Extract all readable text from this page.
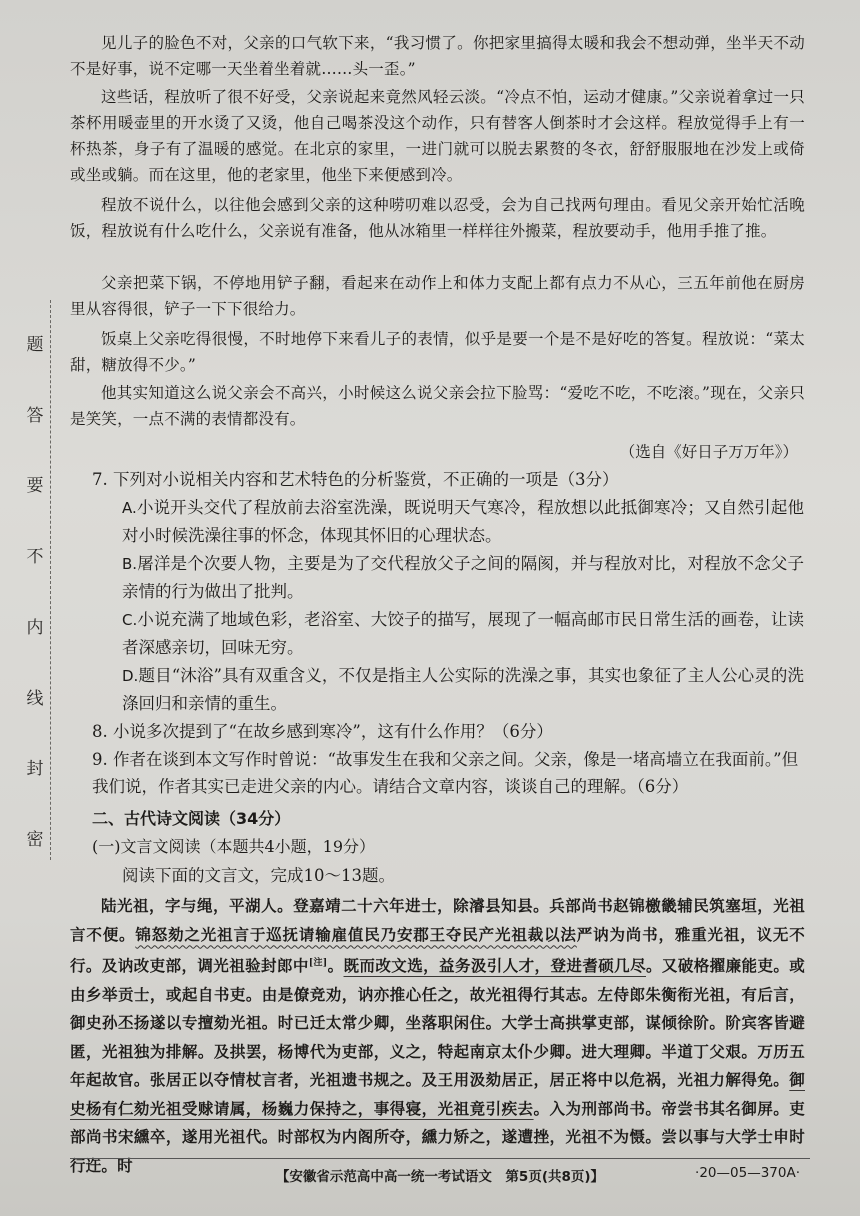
题
答
要
不
内
线
封
密
见儿子的脸色不对，父亲的口气软下来，“我习惯了。你把家里搞得太暖和我会不想动弹，坐半天不动不是好事，说不定哪一天坐着坐着就……头一歪。”
这些话，程放听了很不好受，父亲说起来竟然风轻云淡。“冷点不怕，运动才健康。”父亲说着拿过一只茶杯用暖壶里的开水烫了又烫，他自己喝茶没这个动作，只有替客人倒茶时才会这样。程放觉得手上有一杯热茶，身子有了温暖的感觉。在北京的家里，一进门就可以脱去累赘的冬衣，舒舒服服地在沙发上或倚或坐或躺。而在这里，他的老家里，他坐下来便感到冷。
程放不说什么，以往他会感到父亲的这种唠叨难以忍受，会为自己找两句理由。看见父亲开始忙活晚饭，程放说有什么吃什么，父亲说有准备，他从冰箱里一样样往外搬菜，程放要动手，他用手推了推。
父亲把菜下锅，不停地用铲子翻，看起来在动作上和体力支配上都有点力不从心，三五年前他在厨房里从容得很，铲子一下下很给力。
饭桌上父亲吃得很慢，不时地停下来看儿子的表情，似乎是要一个是不是好吃的答复。程放说：“菜太甜，糖放得不少。”
他其实知道这么说父亲会不高兴，小时候这么说父亲会拉下脸骂：“爱吃不吃，不吃滚。”现在，父亲只是笑笑，一点不满的表情都没有。
（选自《好日子万万年》）
7. 下列对小说相关内容和艺术特色的分析鉴赏，不正确的一项是（3分）
A.小说开头交代了程放前去浴室洗澡，既说明天气寒冷，程放想以此抵御寒冷；又自然引起他对小时候洗澡往事的怀念，体现其怀旧的心理状态。
B.屠洋是个次要人物，主要是为了交代程放父子之间的隔阂，并与程放对比，对程放不念父子亲情的行为做出了批判。
C.小说充满了地域色彩，老浴室、大饺子的描写，展现了一幅高邮市民日常生活的画卷，让读者深感亲切，回味无穷。
D.题目“沐浴”具有双重含义，不仅是指主人公实际的洗澡之事，其实也象征了主人公心灵的洗涤回归和亲情的重生。
8. 小说多次提到了“在故乡感到寒冷”，这有什么作用？（6分）
9. 作者在谈到本文写作时曾说：“故事发生在我和父亲之间。父亲，像是一堵高墙立在我面前。”但我们说，作者其实已走进父亲的内心。请结合文章内容，谈谈自己的理解。（6分）
二、古代诗文阅读（34分）
(一)文言文阅读（本题共4小题，19分）
阅读下面的文言文，完成10～13题。
陆光祖，字与绳，平湖人。登嘉靖二十六年进士，除濬县知县。兵部尚书赵锦檄畿辅民筑塞垣，光祖言不便。锦怒劾之光祖言于巡抚请输雇值民乃安郡王夺民产光祖裁以法严讷为尚书，雅重光祖，议无不行。及讷改吏部，调光祖验封郎中[注]。既而改文选，益务汲引人才，登进耆硕几尽。又破格擢廉能吏。或由乡举贡士，或起自书吏。由是僚竞劝，讷亦推心任之，故光祖得行其志。左侍郎朱衡衔光祖，有后言，御史孙丕扬遂以专擅劾光祖。时已迁太常少卿，坐落职闲住。大学士高拱掌吏部，谋倾徐阶。阶宾客皆避匿，光祖独为排解。及拱罢，杨博代为吏部，义之，特起南京太仆少卿。进大理卿。半道丁父艰。万历五年起故官。张居正以夺情杖言者，光祖遗书规之。及王用汲劾居正，居正将中以危祸，光祖力解得免。御史杨有仁劾光祖受赇请属，杨巍力保持之，事得寝，光祖竟引疾去。入为刑部尚书。帝尝书其名御屏。吏部尚书宋纁卒，遂用光祖代。时部权为内阁所夺，纁力矫之，遂遭挫，光祖不为慑。尝以事与大学士申时行迕。时
【安徽省示范高中高一统一考试语文　第5页(共8页)】	·20—05—370A·
